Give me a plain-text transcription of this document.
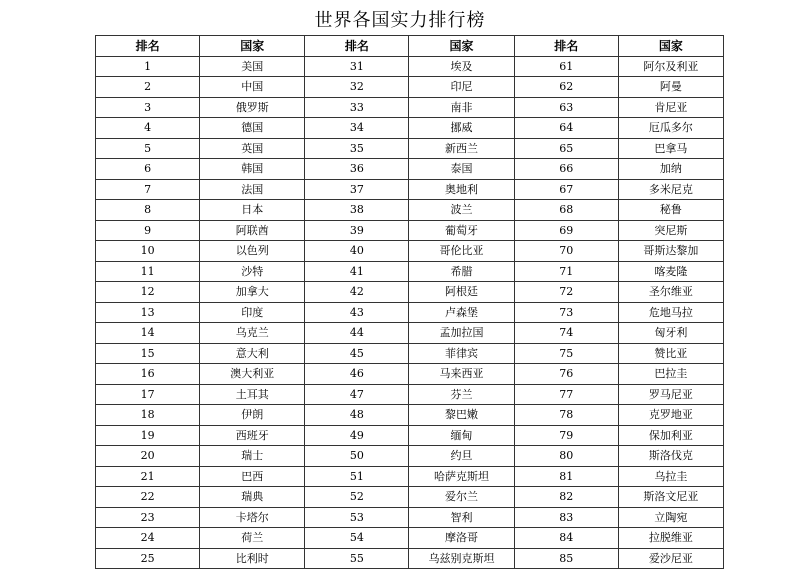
世界各国实力排行榜
排名	国家	排名	国家	排名	国家
1	美国	31	埃及	61	阿尔及利亚
2	中国	32	印尼	62	阿曼
3	俄罗斯	33	南非	63	肯尼亚
4	德国	34	挪威	64	厄瓜多尔
5	英国	35	新西兰	65	巴拿马
6	韩国	36	泰国	66	加纳
7	法国	37	奥地利	67	多米尼克
8	日本	38	波兰	68	秘鲁
9	阿联酋	39	葡萄牙	69	突尼斯
10	以色列	40	哥伦比亚	70	哥斯达黎加
11	沙特	41	希腊	71	喀麦隆
12	加拿大	42	阿根廷	72	圣尔维亚
13	印度	43	卢森堡	73	危地马拉
14	乌克兰	44	孟加拉国	74	匈牙利
15	意大利	45	菲律宾	75	赞比亚
16	澳大利亚	46	马来西亚	76	巴拉圭
17	土耳其	47	芬兰	77	罗马尼亚
18	伊朗	48	黎巴嫩	78	克罗地亚
19	西班牙	49	缅甸	79	保加利亚
20	瑞士	50	约旦	80	斯洛伐克
21	巴西	51	哈萨克斯坦	81	乌拉圭
22	瑞典	52	爱尔兰	82	斯洛文尼亚
23	卡塔尔	53	智利	83	立陶宛
24	荷兰	54	摩洛哥	84	拉脱维亚
25	比利时	55	乌兹别克斯坦	85	爱沙尼亚
